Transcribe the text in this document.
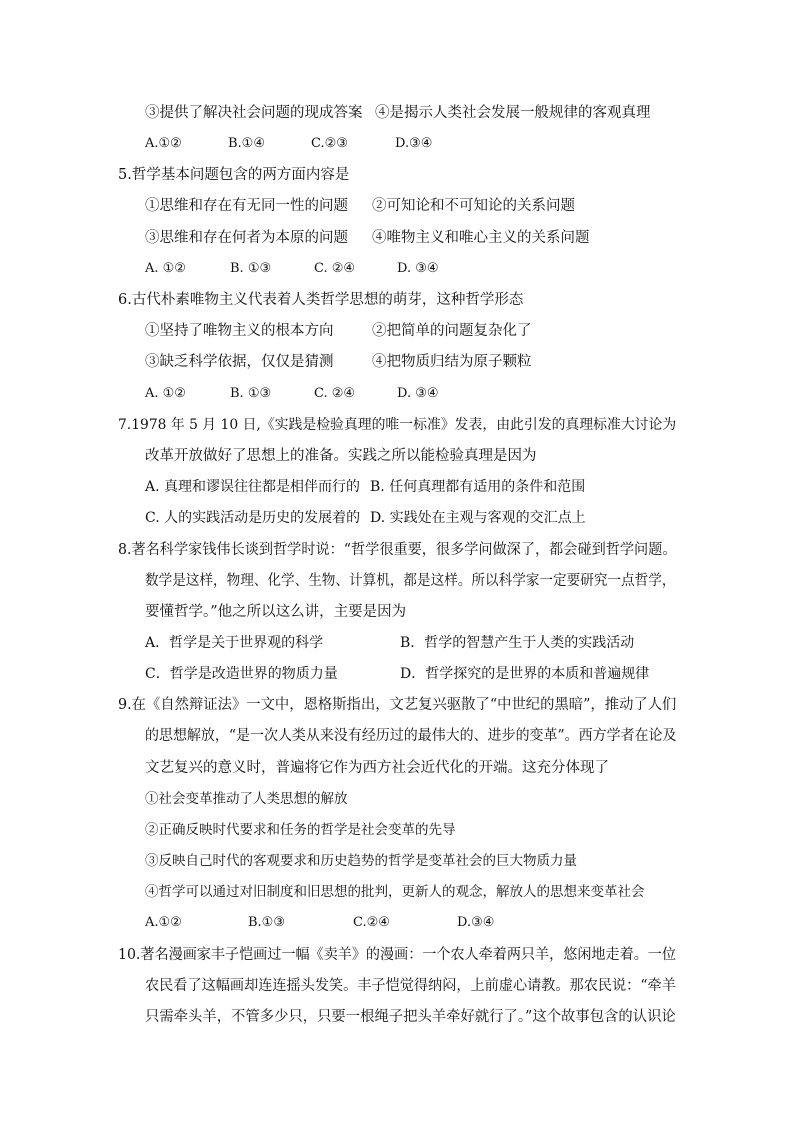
③提供了解决社会问题的现成答案 ④是揭示人类社会发展一般规律的客观真理
A.①②	B.①④	C.②③	D.③④
5.哲学基本问题包含的两方面内容是
①思维和存在有无同一性的问题 ②可知论和不可知论的关系问题
③思维和存在何者为本原的问题 ④唯物主义和唯心主义的关系问题
A. ①②	B. ①③	C. ②④	D. ③④
6.古代朴素唯物主义代表着人类哲学思想的萌芽，这种哲学形态
①坚持了唯物主义的根本方向	②把简单的问题复杂化了
③缺乏科学依据，仅仅是猜测	④把物质归结为原子颗粒
A. ①②	B. ①③	C. ②④	D. ③④
7.1978 年 5 月 10 日,《实践是检验真理的唯一标准》发表，由此引发的真理标准大讨论为
改革开放做好了思想上的准备。实践之所以能检验真理是因为
A. 真理和谬误往往都是相伴而行的 B. 任何真理都有适用的条件和范围
C. 人的实践活动是历史的发展着的 D. 实践处在主观与客观的交汇点上
8.著名科学家钱伟长谈到哲学时说：“哲学很重要，很多学问做深了，都会碰到哲学问题。
数学是这样，物理、化学、生物、计算机，都是这样。所以科学家一定要研究一点哲学，
要懂哲学。”他之所以这么讲，主要是因为
A．哲学是关于世界观的科学	B．哲学的智慧产生于人类的实践活动
C．哲学是改造世界的物质力量	D．哲学探究的是世界的本质和普遍规律
9.在《自然辩证法》一文中，恩格斯指出，文艺复兴驱散了“中世纪的黑暗”，推动了人们
的思想解放，“是一次人类从来没有经历过的最伟大的、进步的变革”。西方学者在论及
文艺复兴的意义时，普遍将它作为西方社会近代化的开端。这充分体现了
①社会变革推动了人类思想的解放
②正确反映时代要求和任务的哲学是社会变革的先导
③反映自己时代的客观要求和历史趋势的哲学是变革社会的巨大物质力量
④哲学可以通过对旧制度和旧思想的批判，更新人的观念，解放人的思想来变革社会
A.①②	B.①③	C.②④	D.③④
10.著名漫画家丰子恺画过一幅《卖羊》的漫画：一个农人牵着两只羊，悠闲地走着。一位
农民看了这幅画却连连摇头发笑。丰子恺觉得纳闷，上前虚心请教。那农民说：“牵羊
只需牵头羊，不管多少只，只要一根绳子把头羊牵好就行了。”这个故事包含的认识论
